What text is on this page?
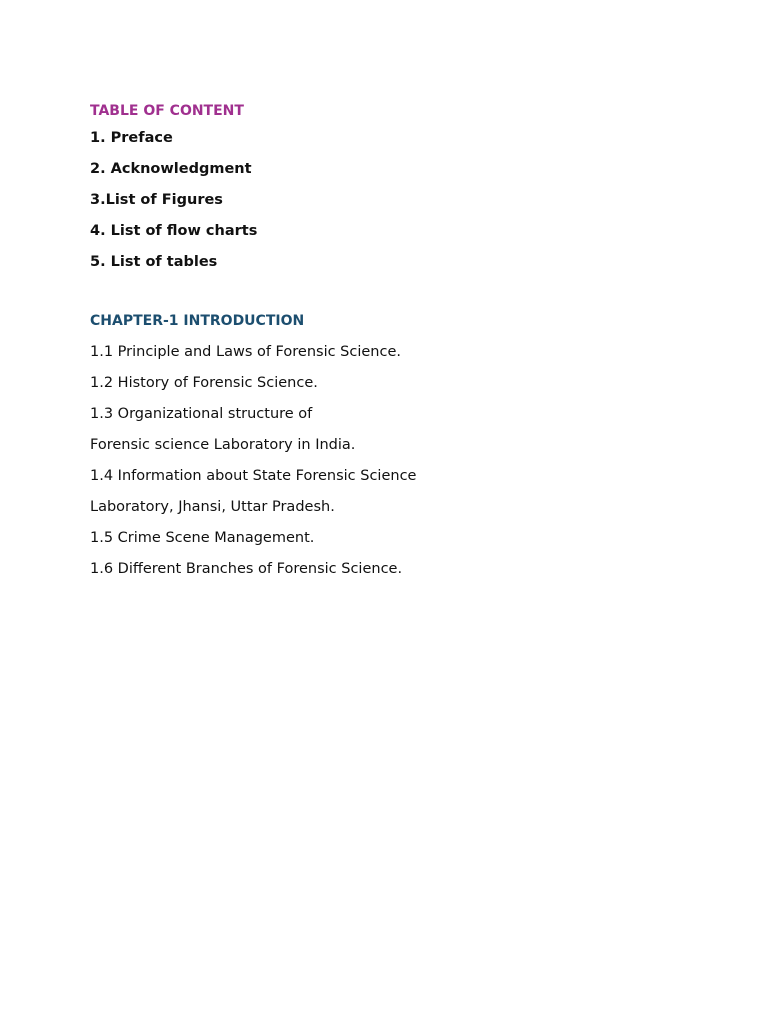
TABLE OF CONTENT
1. Preface
2. Acknowledgment
3.List of Figures
4. List of flow charts
5. List of tables
CHAPTER-1 INTRODUCTION
1.1 Principle and Laws of Forensic Science.
1.2 History of Forensic Science.
1.3 Organizational structure of
Forensic science Laboratory in India.
1.4 Information about State Forensic Science
Laboratory, Jhansi, Uttar Pradesh.
1.5 Crime Scene Management.
1.6 Different Branches of Forensic Science.
